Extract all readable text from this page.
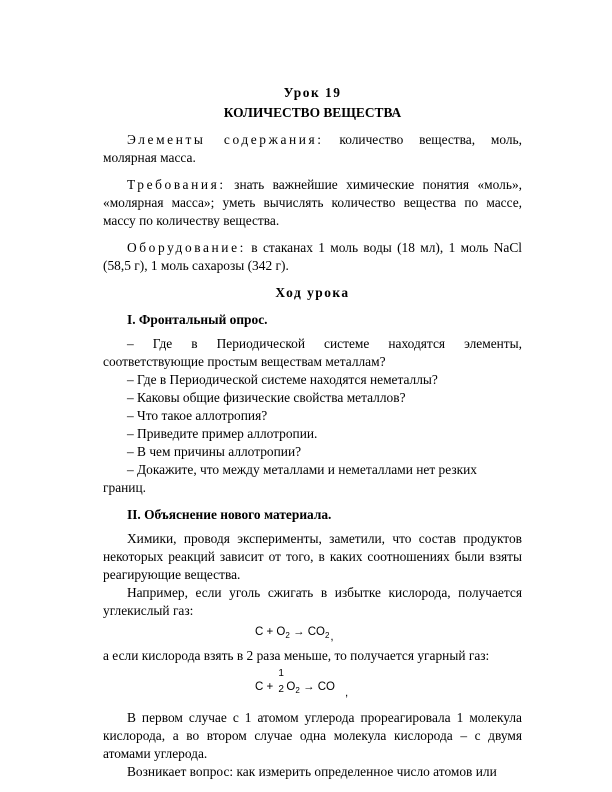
Урок 19

КОЛИЧЕСТВО ВЕЩЕСТВА

Элементы содержания: количество вещества, моль, молярная масса.

Требования: знать важнейшие химические понятия «моль», «молярная масса»; уметь вычислять количество вещества по массе, массу по количеству вещества.

Оборудование: в стаканах 1 моль воды (18 мл), 1 моль NaCl (58,5 г), 1 моль сахарозы (342 г).

Ход урока

I. Фронтальный опрос.

– Где в Периодической системе находятся элементы, соответствующие простым веществам металлам?

– Где в Периодической системе находятся неметаллы?

– Каковы общие физические свойства металлов?

– Что такое аллотропия?

– Приведите пример аллотропии.

– В чем причины аллотропии?

– Докажите, что между металлами и неметаллами нет резких границ.

II. Объяснение нового материала.

Химики, проводя эксперименты, заметили, что состав продуктов некоторых реакций зависит от того, в каких соотношениях были взяты реагирующие вещества.

Например, если уголь сжигать в избытке кислорода, получается углекислый газ:

$C + O_2 \to CO_2$,

а если кислорода взять в 2 раза меньше, то получается угарный газ:

C +
1
2 $O_2$ → CO ,

В первом случае с 1 атомом углерода прореагировала 1 молекула кислорода, а во втором случае одна молекула кислорода – с двумя атомами углерода.

Возникает вопрос: как измерить определенное число атомов или
